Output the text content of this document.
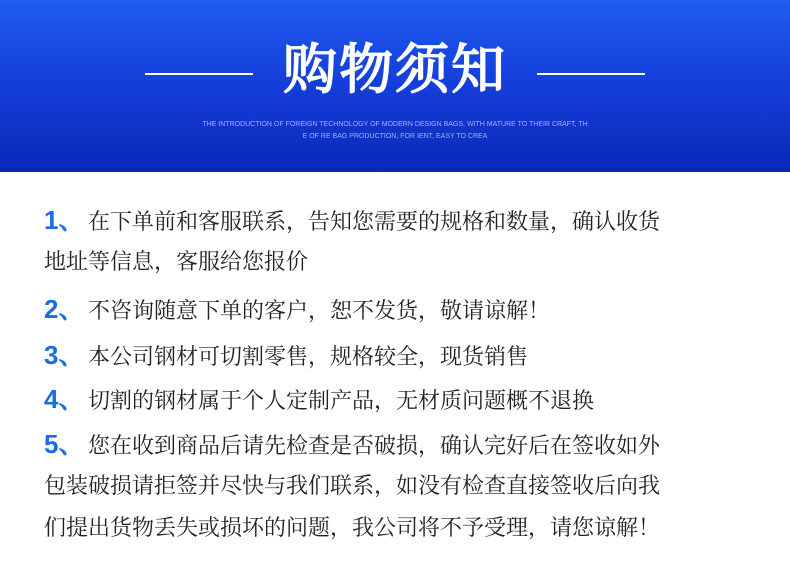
购物须知
THE INTRODUCTION OF FOREIGN TECHNOLOGY OF MODERN DESIGN BAGS, WITH MATURE TO THEIR CRAFT, TH
E OF RE BAG PRODUCTION, FOR IENT, EASY TO CREA
1、 在下单前和客服联系，告知您需要的规格和数量，确认收货
地址等信息，客服给您报价
2、 不咨询随意下单的客户，恕不发货，敬请谅解！
3、 本公司钢材可切割零售，规格较全，现货销售
4、 切割的钢材属于个人定制产品，无材质问题概不退换
5、 您在收到商品后请先检查是否破损，确认完好后在签收如外
包装破损请拒签并尽快与我们联系，如没有检查直接签收后向我
们提出货物丢失或损坏的问题，我公司将不予受理，请您谅解！
